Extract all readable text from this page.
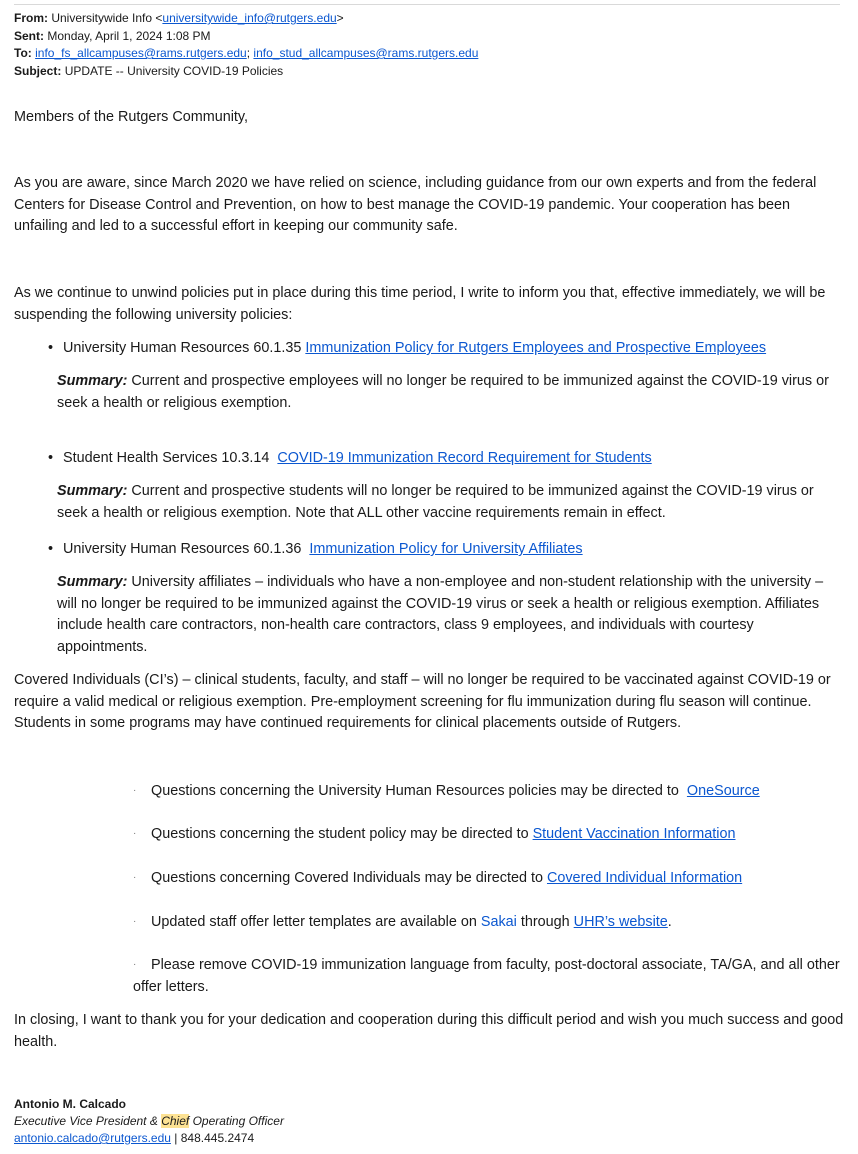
From: Universitywide Info <universitywide_info@rutgers.edu>
Sent: Monday, April 1, 2024 1:08 PM
To: info_fs_allcampuses@rams.rutgers.edu; info_stud_allcampuses@rams.rutgers.edu
Subject: UPDATE -- University COVID-19 Policies
Members of the Rutgers Community,
As you are aware, since March 2020 we have relied on science, including guidance from our own experts and from the federal Centers for Disease Control and Prevention, on how to best manage the COVID-19 pandemic. Your cooperation has been unfailing and led to a successful effort in keeping our community safe.
As we continue to unwind policies put in place during this time period, I write to inform you that, effective immediately, we will be suspending the following university policies:
• University Human Resources 60.1.35 Immunization Policy for Rutgers Employees and Prospective Employees
Summary: Current and prospective employees will no longer be required to be immunized against the COVID-19 virus or seek a health or religious exemption.
• Student Health Services 10.3.14 COVID-19 Immunization Record Requirement for Students
Summary: Current and prospective students will no longer be required to be immunized against the COVID-19 virus or seek a health or religious exemption. Note that ALL other vaccine requirements remain in effect.
• University Human Resources 60.1.36 Immunization Policy for University Affiliates
Summary: University affiliates – individuals who have a non-employee and non-student relationship with the university – will no longer be required to be immunized against the COVID-19 virus or seek a health or religious exemption. Affiliates include health care contractors, non-health care contractors, class 9 employees, and individuals with courtesy appointments.
Covered Individuals (CI’s) – clinical students, faculty, and staff – will no longer be required to be vaccinated against COVID-19 or require a valid medical or religious exemption. Pre-employment screening for flu immunization during flu season will continue. Students in some programs may have continued requirements for clinical placements outside of Rutgers.
· Questions concerning the University Human Resources policies may be directed to OneSource
· Questions concerning the student policy may be directed to Student Vaccination Information
· Questions concerning Covered Individuals may be directed to Covered Individual Information
· Updated staff offer letter templates are available on Sakai through UHR’s website.
· Please remove COVID-19 immunization language from faculty, post-doctoral associate, TA/GA, and all other offer letters.
In closing, I want to thank you for your dedication and cooperation during this difficult period and wish you much success and good health.
Antonio M. Calcado
Executive Vice President & Chief Operating Officer
antonio.calcado@rutgers.edu | 848.445.2474
